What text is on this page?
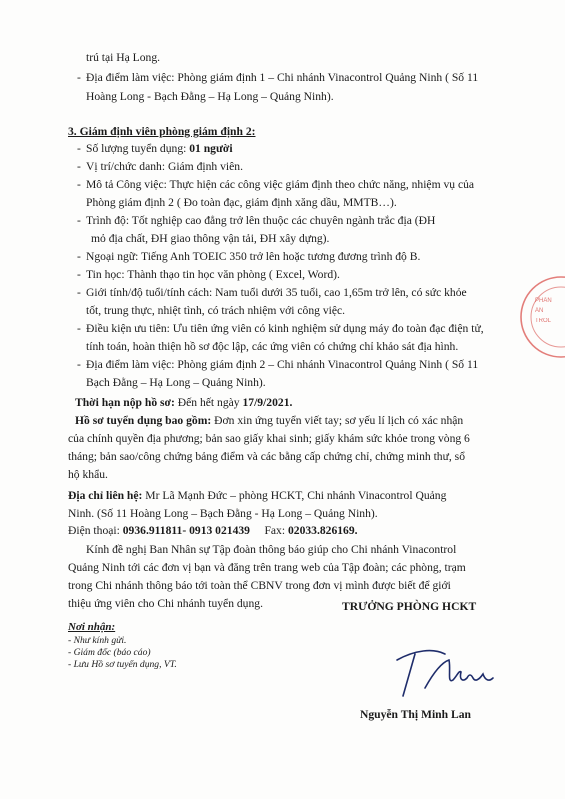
trú tại Hạ Long.
- Địa điểm làm việc: Phòng giám định 1 – Chi nhánh Vinacontrol Quảng Ninh ( Số 11
Hoàng Long - Bạch Đằng – Hạ Long – Quảng Ninh).
3. Giám định viên phòng giám định 2:
- Số lượng tuyển dụng: 01 người
- Vị trí/chức danh: Giám định viên.
- Mô tả Công việc: Thực hiện các công việc giám định theo chức năng, nhiệm vụ của
Phòng giám định 2 ( Đo toàn đạc, giám định xăng dầu, MMTB…).
- Trình độ: Tốt nghiệp cao đẳng trở lên thuộc các chuyên ngành trắc địa (ĐH
mỏ địa chất, ĐH giao thông vận tải, ĐH xây dựng).
- Ngoại ngữ: Tiếng Anh TOEIC 350 trở lên hoặc tương đương trình độ B.
- Tin học: Thành thạo tin học văn phòng ( Excel, Word).
- Giới tính/độ tuổi/tính cách: Nam tuổi dưới 35 tuổi, cao 1,65m trở lên, có sức khỏe
tốt, trung thực, nhiệt tình, có trách nhiệm với công việc.
- Điều kiện ưu tiên: Ưu tiên ứng viên có kinh nghiệm sử dụng máy đo toàn đạc điện tử,
tính toán, hoàn thiện hồ sơ độc lập, các ứng viên có chứng chỉ khảo sát địa hình.
- Địa điểm làm việc: Phòng giám định 2 – Chi nhánh Vinacontrol Quảng Ninh ( Số 11
Bạch Đằng – Hạ Long – Quảng Ninh).
Thời hạn nộp hồ sơ: Đến hết ngày 17/9/2021.
Hồ sơ tuyển dụng bao gồm: Đơn xin ứng tuyển viết tay; sơ yếu lí lịch có xác nhận
của chính quyền địa phương; bản sao giấy khai sinh; giấy khám sức khỏe trong vòng 6
tháng; bản sao/công chứng bảng điểm và các bằng cấp chứng chỉ, chứng minh thư, sổ
hộ khẩu.
Địa chỉ liên hệ: Mr Lã Mạnh Đức – phòng HCKT, Chi nhánh Vinacontrol Quảng
Ninh. (Số 11 Hoàng Long – Bạch Đằng - Hạ Long – Quảng Ninh).
Điện thoại: 0936.911811- 0913 021439     Fax: 02033.826169.
Kính đề nghị Ban Nhân sự Tập đoàn thông báo giúp cho Chi nhánh Vinacontrol
Quảng Ninh tới các đơn vị bạn và đăng trên trang web của Tập đoàn; các phòng, trạm
trong Chi nhánh thông báo tới toàn thể CBNV trong đơn vị mình được biết để giới
thiệu ứng viên cho Chi nhánh tuyển dụng.	TRƯỞNG PHÒNG HCKT
Nơi nhận:
- Như kính gửi.
- Giám đốc (báo cáo)
- Lưu Hồ sơ tuyển dụng, VT.
Nguyễn Thị Minh Lan
PHÂN
ÁN
TROL
